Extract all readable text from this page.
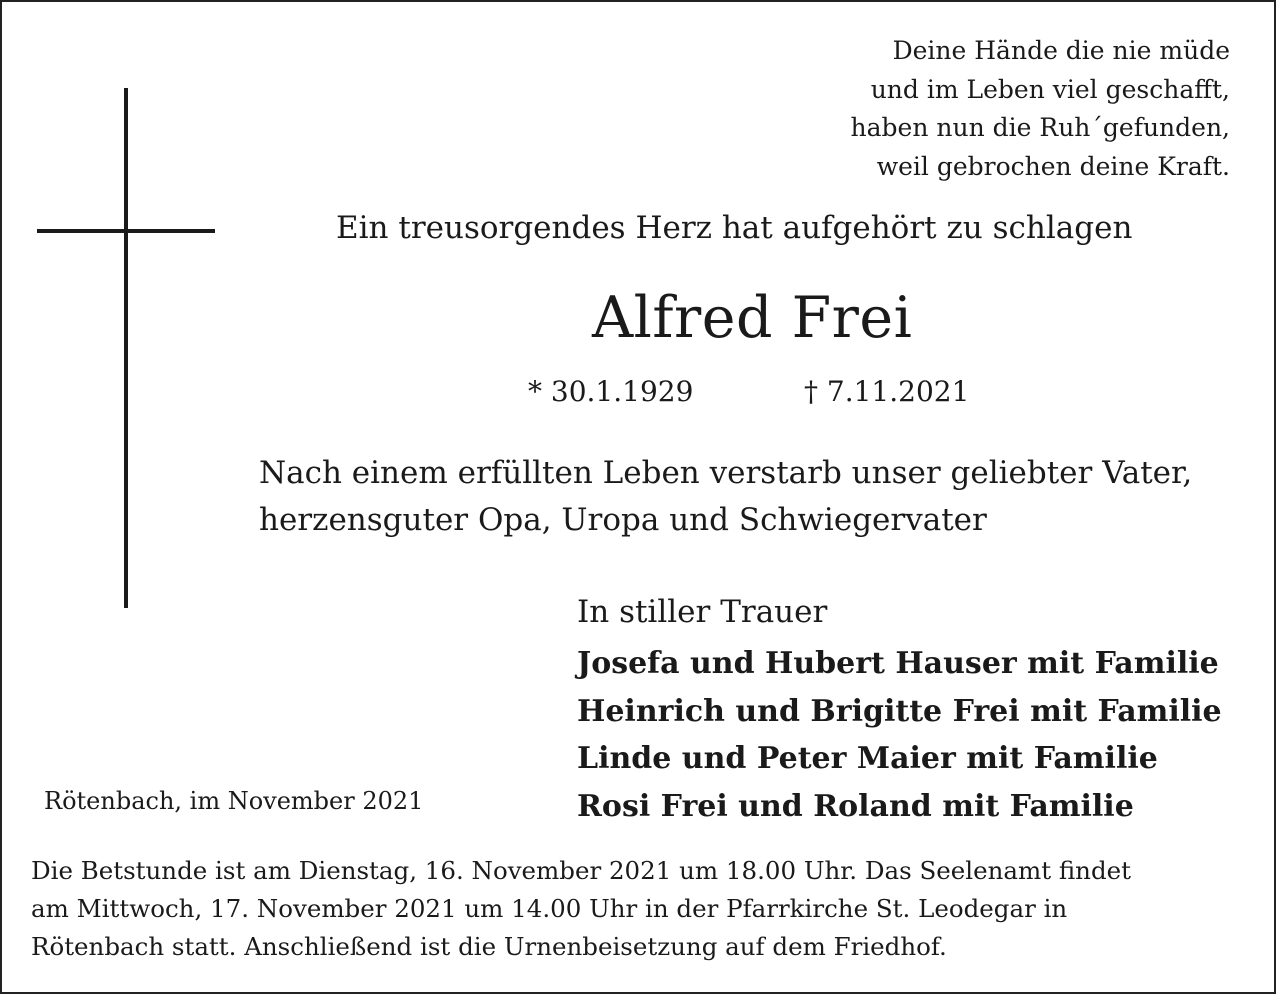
Deine Hände die nie müde
und im Leben viel geschafft,
haben nun die Ruh´gefunden,
weil gebrochen deine Kraft.
Ein treusorgendes Herz hat aufgehört zu schlagen
Alfred Frei
* 30.1.1929	† 7.11.2021
Nach einem erfüllten Leben verstarb unser geliebter Vater,
herzensguter Opa, Uropa und Schwiegervater
In stiller Trauer
Josefa und Hubert Hauser mit Familie
Heinrich und Brigitte Frei mit Familie
Linde und Peter Maier mit Familie
Rosi Frei und Roland mit Familie
Rötenbach, im November 2021
Die Betstunde ist am Dienstag, 16. November 2021 um 18.00 Uhr. Das Seelenamt findet
am Mittwoch, 17. November 2021 um 14.00 Uhr in der Pfarrkirche St. Leodegar in
Rötenbach statt. Anschließend ist die Urnenbeisetzung auf dem Friedhof.
